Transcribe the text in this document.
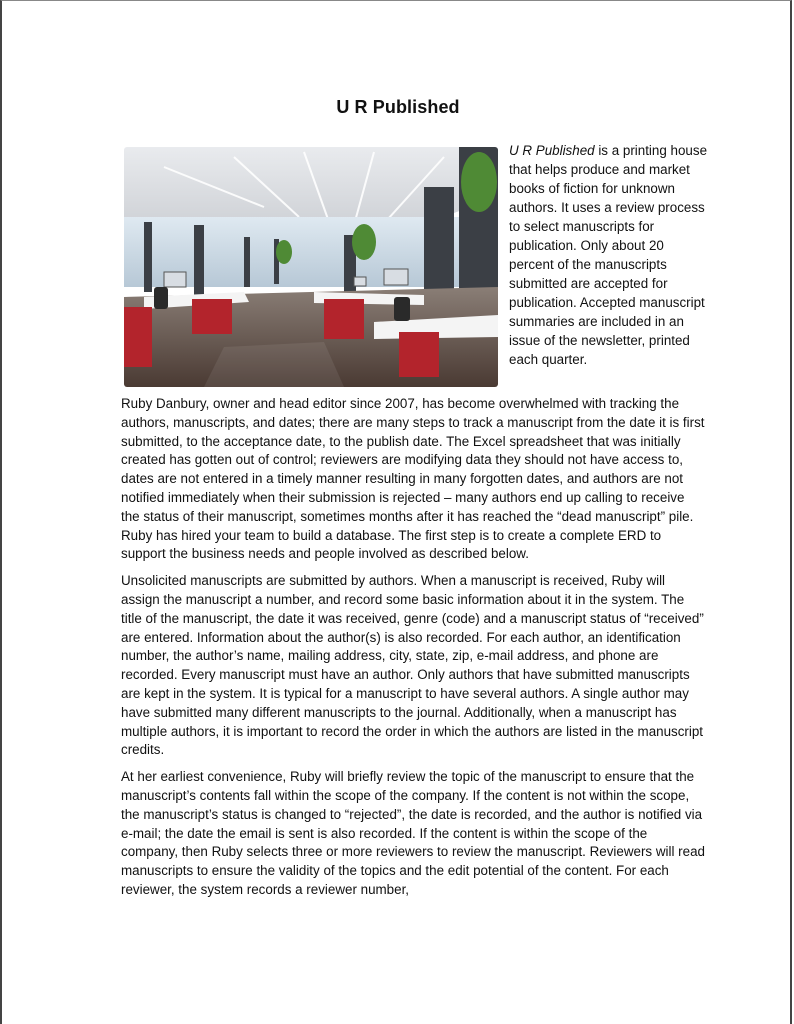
U R Published
U R Published is a printing house that helps produce and market books of fiction for unknown authors. It uses a review process to select manuscripts for publication. Only about 20 percent of the manuscripts submitted are accepted for publication. Accepted manuscript summaries are included in an issue of the newsletter, printed each quarter.

Ruby Danbury, owner and head editor since 2007, has become overwhelmed with tracking the authors, manuscripts, and dates; there are many steps to track a manuscript from the date it is first submitted, to the acceptance date, to the publish date. The Excel spreadsheet that was initially created has gotten out of control; reviewers are modifying data they should not have access to, dates are not entered in a timely manner resulting in many forgotten dates, and authors are not notified immediately when their submission is rejected – many authors end up calling to receive the status of their manuscript, sometimes months after it has reached the “dead manuscript” pile. Ruby has hired your team to build a database. The first step is to create a complete ERD to support the business needs and people involved as described below.

Unsolicited manuscripts are submitted by authors. When a manuscript is received, Ruby will assign the manuscript a number, and record some basic information about it in the system. The title of the manuscript, the date it was received, genre (code) and a manuscript status of “received” are entered. Information about the author(s) is also recorded. For each author, an identification number, the author’s name, mailing address, city, state, zip, e-mail address, and phone are recorded. Every manuscript must have an author. Only authors that have submitted manuscripts are kept in the system. It is typical for a manuscript to have several authors. A single author may have submitted many different manuscripts to the journal. Additionally, when a manuscript has multiple authors, it is important to record the order in which the authors are listed in the manuscript credits.

At her earliest convenience, Ruby will briefly review the topic of the manuscript to ensure that the manuscript’s contents fall within the scope of the company. If the content is not within the scope, the manuscript’s status is changed to “rejected”, the date is recorded, and the author is notified via e-mail; the date the email is sent is also recorded. If the content is within the scope of the company, then Ruby selects three or more reviewers to review the manuscript. Reviewers will read manuscripts to ensure the validity of the topics and the edit potential of the content. For each reviewer, the system records a reviewer number,
